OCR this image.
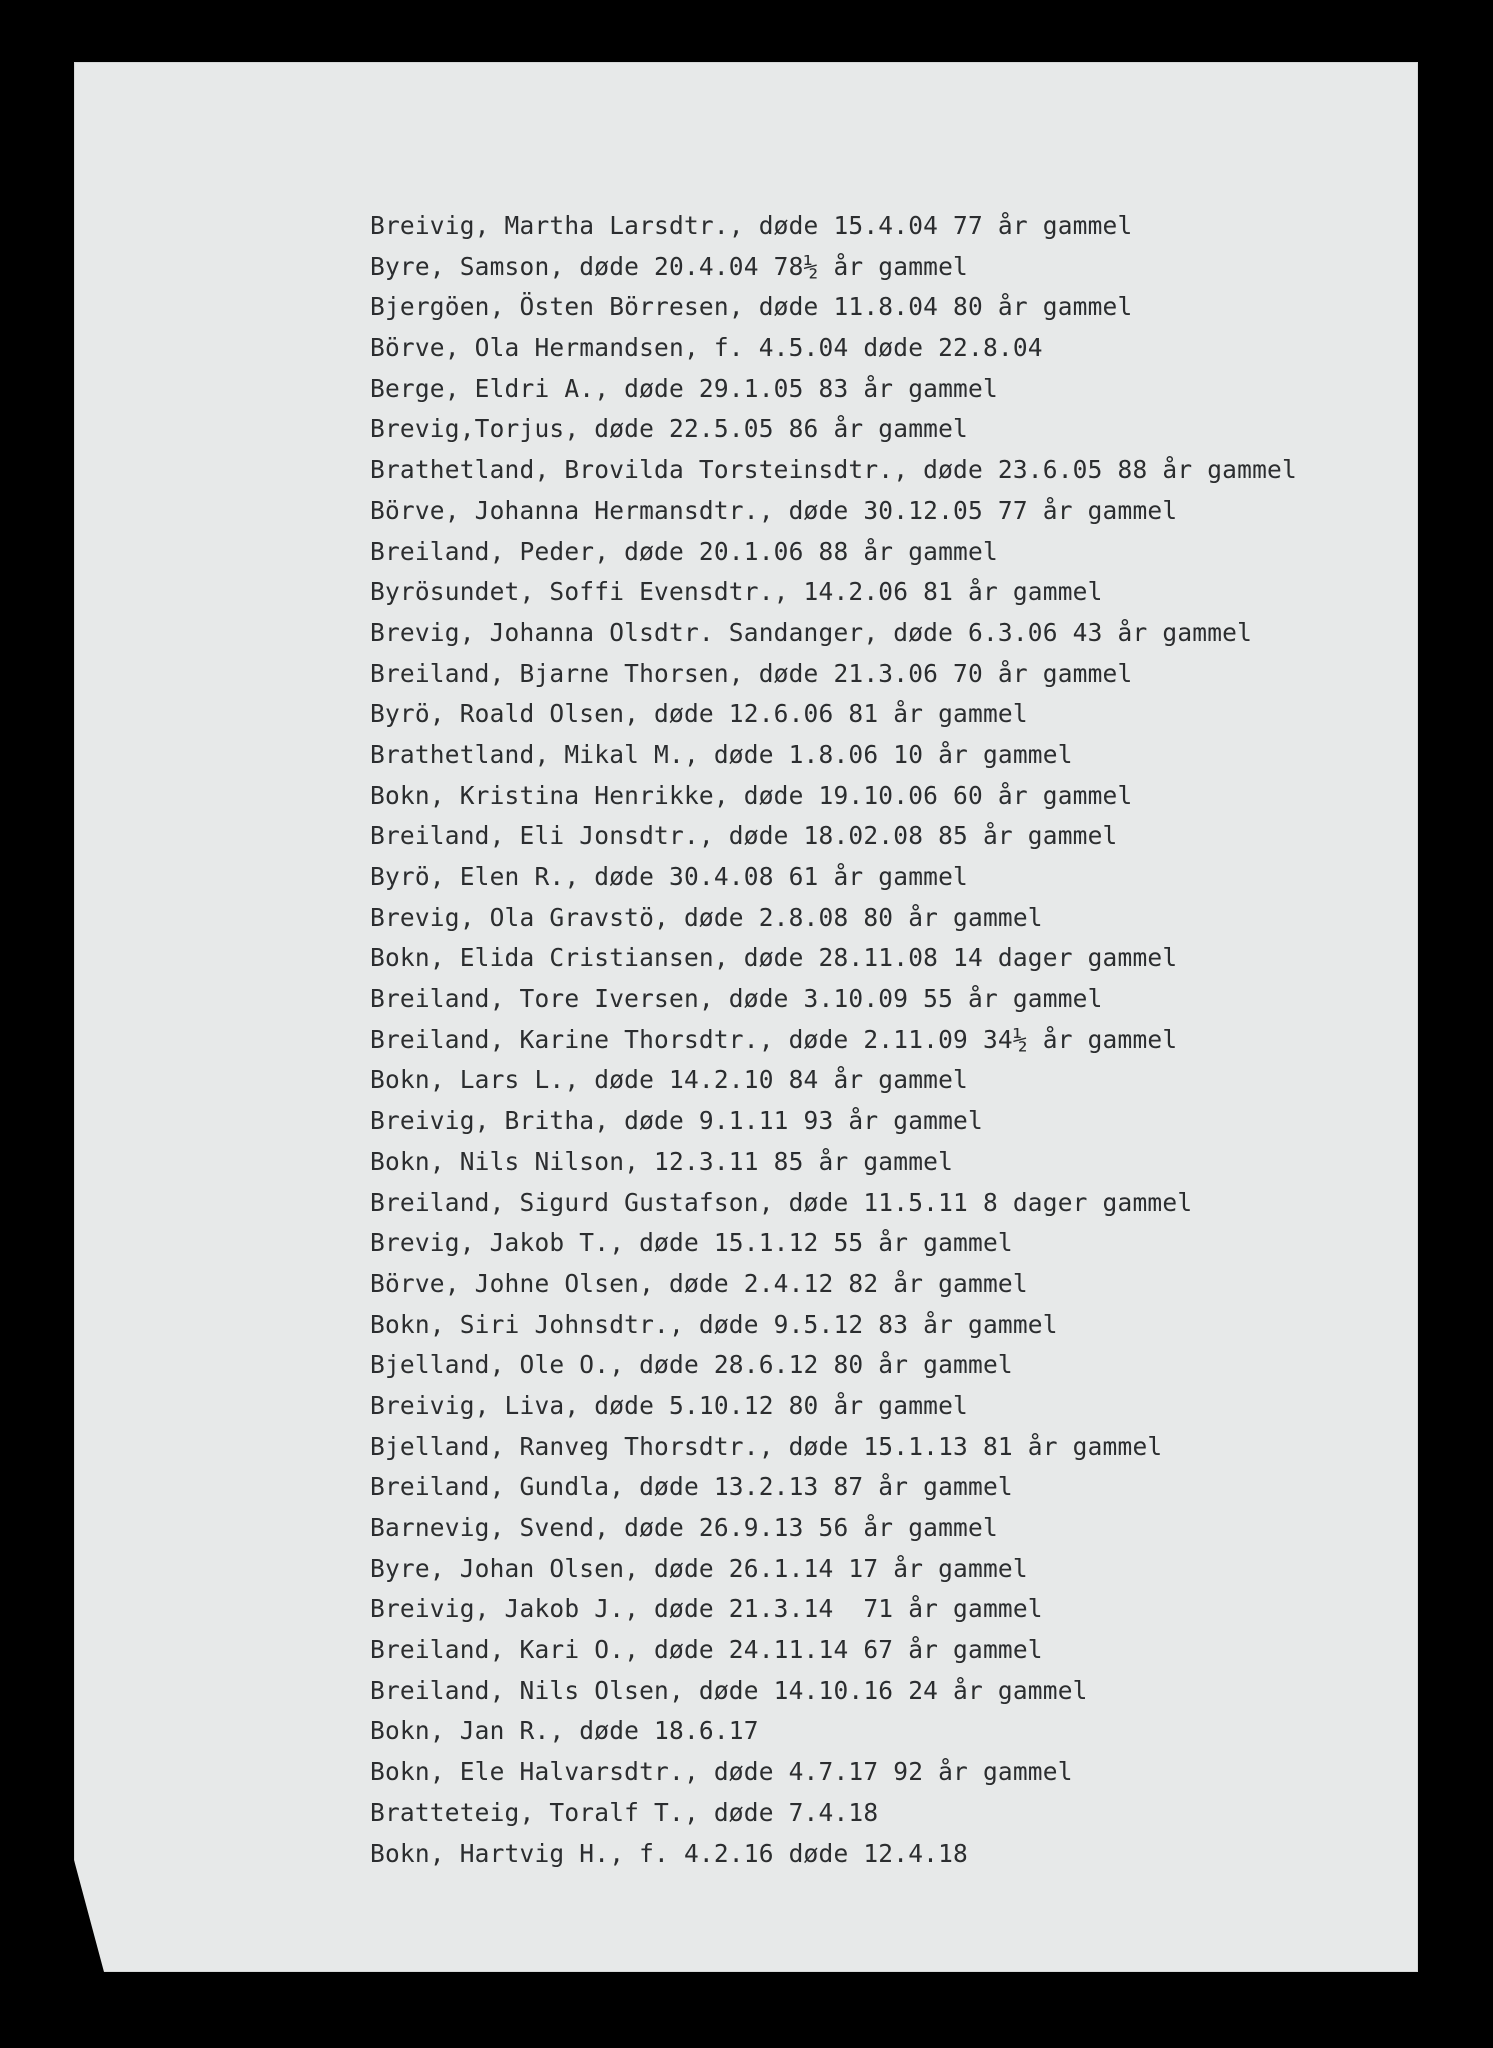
Breivig, Martha Larsdtr., døde 15.4.04 77 år gammel
Byre, Samson, døde 20.4.04 78½ år gammel
Bjergöen, Östen Börresen, døde 11.8.04 80 år gammel
Börve, Ola Hermandsen, f. 4.5.04 døde 22.8.04
Berge, Eldri A., døde 29.1.05 83 år gammel
Brevig,Torjus, døde 22.5.05 86 år gammel
Brathetland, Brovilda Torsteinsdtr., døde 23.6.05 88 år gammel
Börve, Johanna Hermansdtr., døde 30.12.05 77 år gammel
Breiland, Peder, døde 20.1.06 88 år gammel
Byrösundet, Soffi Evensdtr., 14.2.06 81 år gammel
Brevig, Johanna Olsdtr. Sandanger, døde 6.3.06 43 år gammel
Breiland, Bjarne Thorsen, døde 21.3.06 70 år gammel
Byrö, Roald Olsen, døde 12.6.06 81 år gammel
Brathetland, Mikal M., døde 1.8.06 10 år gammel
Bokn, Kristina Henrikke, døde 19.10.06 60 år gammel
Breiland, Eli Jonsdtr., døde 18.02.08 85 år gammel
Byrö, Elen R., døde 30.4.08 61 år gammel
Brevig, Ola Gravstö, døde 2.8.08 80 år gammel
Bokn, Elida Cristiansen, døde 28.11.08 14 dager gammel
Breiland, Tore Iversen, døde 3.10.09 55 år gammel
Breiland, Karine Thorsdtr., døde 2.11.09 34½ år gammel
Bokn, Lars L., døde 14.2.10 84 år gammel
Breivig, Britha, døde 9.1.11 93 år gammel
Bokn, Nils Nilson, 12.3.11 85 år gammel
Breiland, Sigurd Gustafson, døde 11.5.11 8 dager gammel
Brevig, Jakob T., døde 15.1.12 55 år gammel
Börve, Johne Olsen, døde 2.4.12 82 år gammel
Bokn, Siri Johnsdtr., døde 9.5.12 83 år gammel
Bjelland, Ole O., døde 28.6.12 80 år gammel
Breivig, Liva, døde 5.10.12 80 år gammel
Bjelland, Ranveg Thorsdtr., døde 15.1.13 81 år gammel
Breiland, Gundla, døde 13.2.13 87 år gammel
Barnevig, Svend, døde 26.9.13 56 år gammel
Byre, Johan Olsen, døde 26.1.14 17 år gammel
Breivig, Jakob J., døde 21.3.14  71 år gammel
Breiland, Kari O., døde 24.11.14 67 år gammel
Breiland, Nils Olsen, døde 14.10.16 24 år gammel
Bokn, Jan R., døde 18.6.17
Bokn, Ele Halvarsdtr., døde 4.7.17 92 år gammel
Bratteteig, Toralf T., døde 7.4.18
Bokn, Hartvig H., f. 4.2.16 døde 12.4.18
